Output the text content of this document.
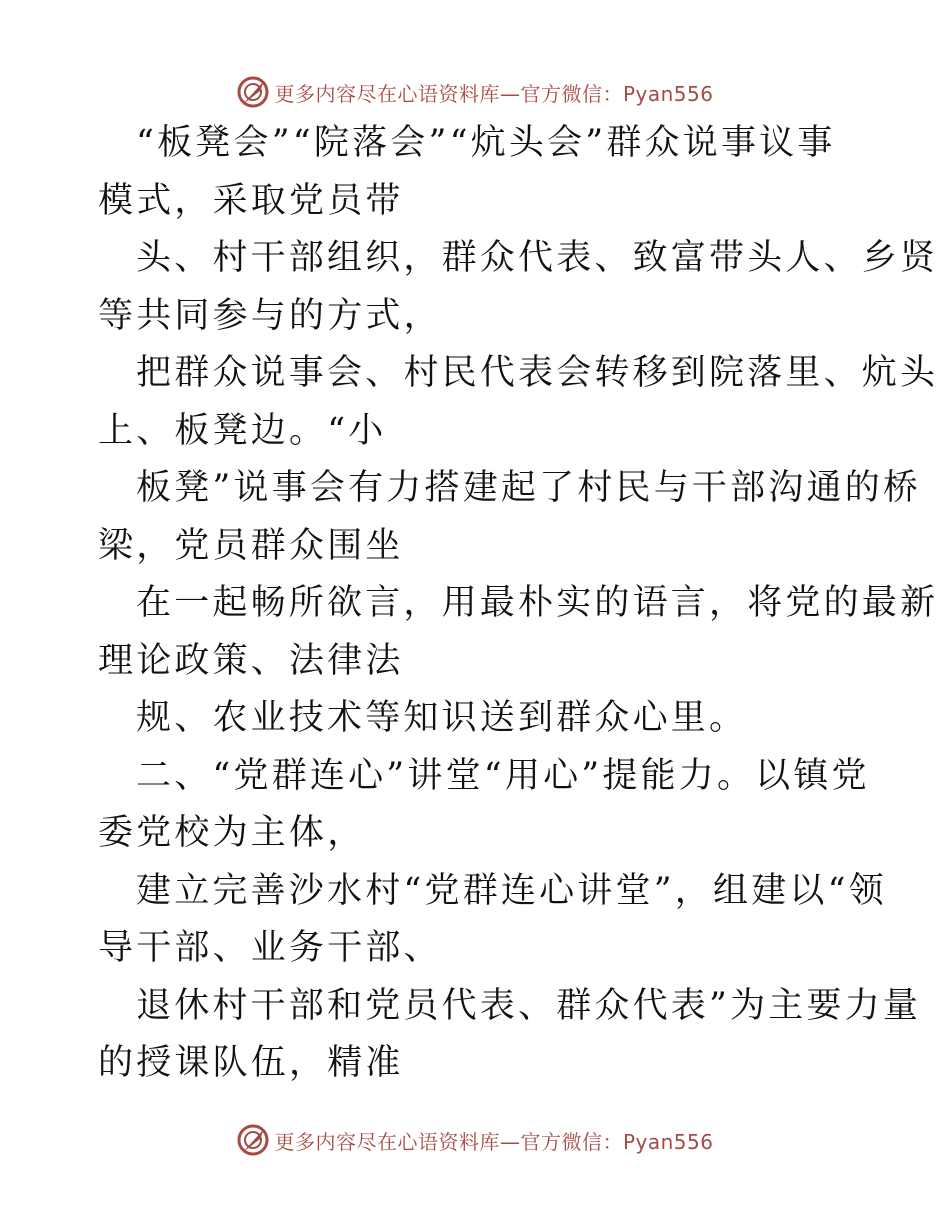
更多内容尽在心语资料库—官方微信：Pyan556
“板凳会”“院落会”“炕头会”群众说事议事
模式，采取党员带
头、村干部组织，群众代表、致富带头人、乡贤
等共同参与的方式，
把群众说事会、村民代表会转移到院落里、炕头
上、板凳边。“小
板凳”说事会有力搭建起了村民与干部沟通的桥
梁，党员群众围坐
在一起畅所欲言，用最朴实的语言，将党的最新
理论政策、法律法
规、农业技术等知识送到群众心里。
二、“党群连心”讲堂“用心”提能力。以镇党
委党校为主体，
建立完善沙水村“党群连心讲堂”，组建以“领
导干部、业务干部、
退休村干部和党员代表、群众代表”为主要力量
的授课队伍，精准
更多内容尽在心语资料库—官方微信：Pyan556
